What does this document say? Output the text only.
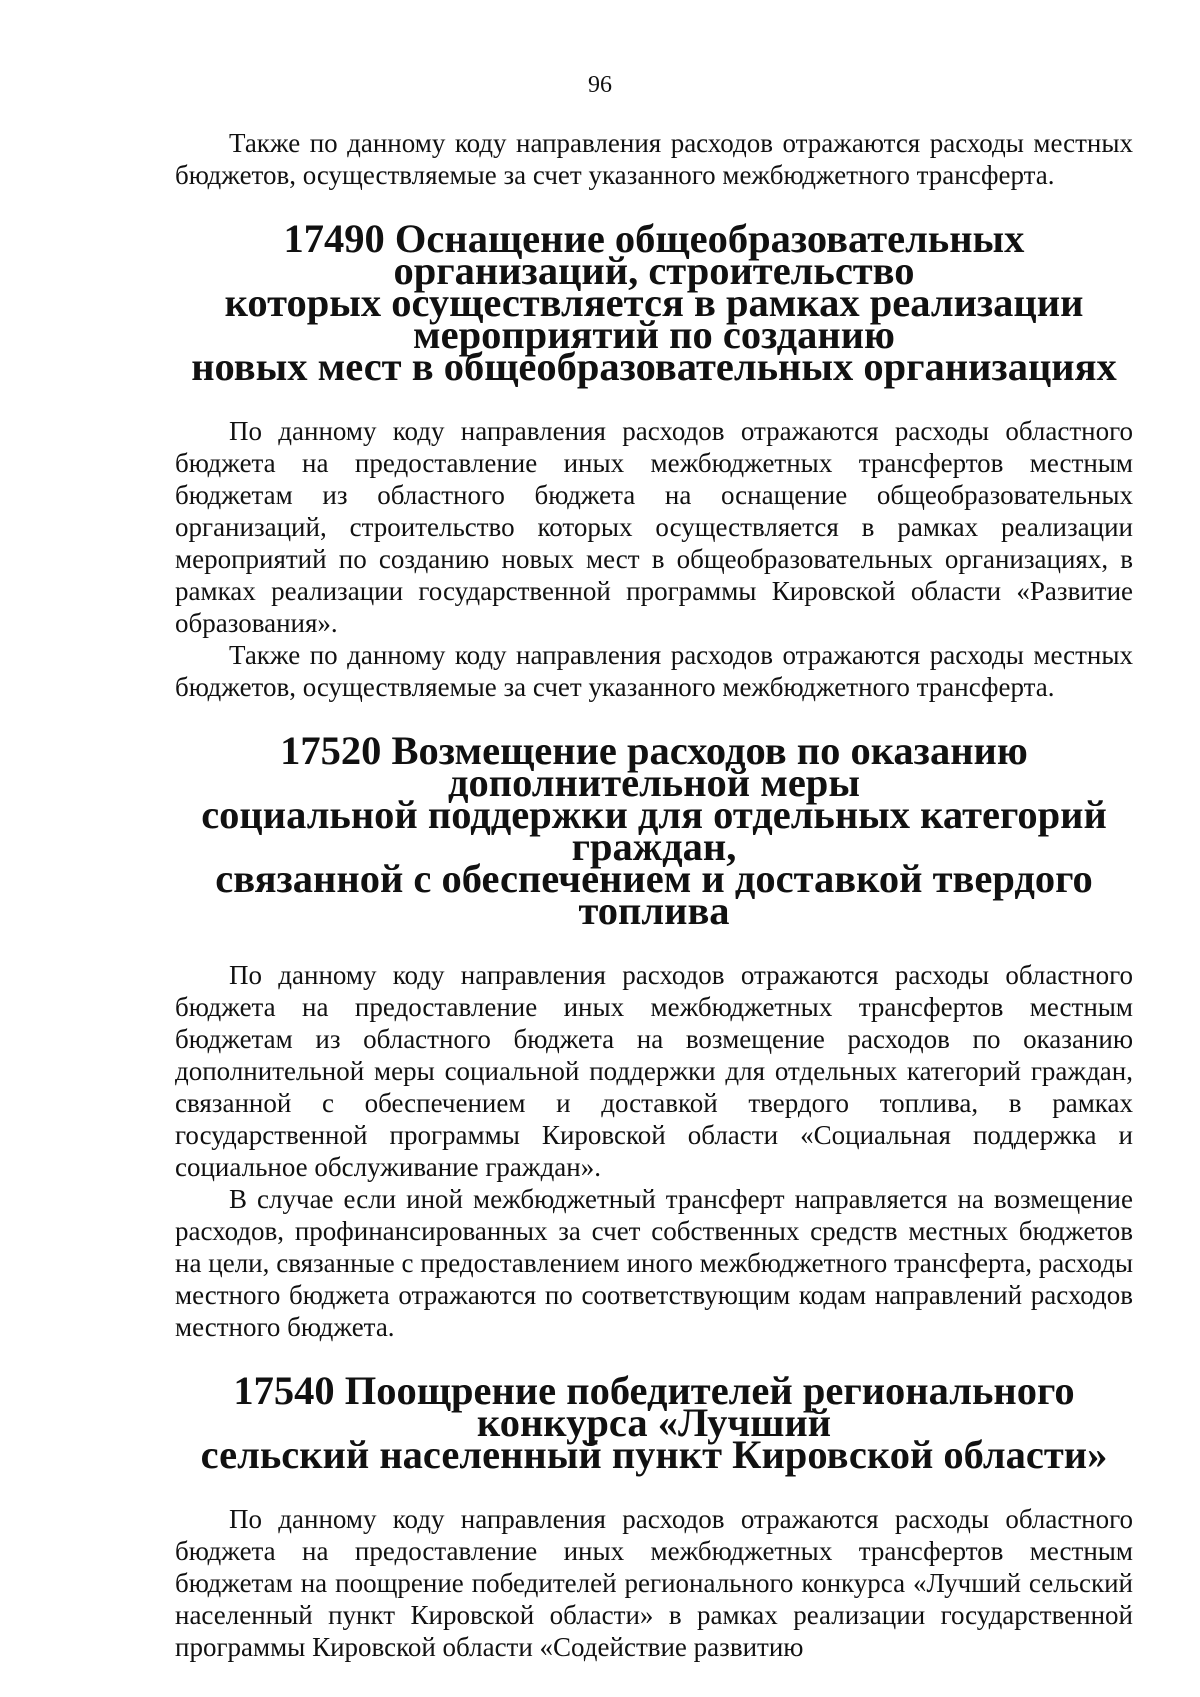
96

Также по данному коду направления расходов отражаются расходы местных бюджетов, осуществляемые за счет указанного межбюджетного трансферта.

17490 Оснащение общеобразовательных организаций, строительство
которых осуществляется в рамках реализации мероприятий по созданию
новых мест в общеобразовательных организациях

По данному коду направления расходов отражаются расходы областного бюджета на предоставление иных межбюджетных трансфертов местным бюджетам из областного бюджета на оснащение общеобразовательных организаций, строительство которых осуществляется в рамках реализации мероприятий по созданию новых мест в общеобразовательных организациях, в рамках реализации государственной программы Кировской области «Развитие образования».

Также по данному коду направления расходов отражаются расходы местных бюджетов, осуществляемые за счет указанного межбюджетного трансферта.

17520 Возмещение расходов по оказанию дополнительной меры
социальной поддержки для отдельных категорий граждан,
связанной с обеспечением и доставкой твердого топлива

По данному коду направления расходов отражаются расходы областного бюджета на предоставление иных межбюджетных трансфертов местным бюджетам из областного бюджета на возмещение расходов по оказанию дополнительной меры социальной поддержки для отдельных категорий граждан, связанной с обеспечением и доставкой твердого топлива, в рамках государственной программы Кировской области «Социальная поддержка и социальное обслуживание граждан».

В случае если иной межбюджетный трансферт направляется на возмещение расходов, профинансированных за счет собственных средств местных бюджетов на цели, связанные с предоставлением иного межбюджетного трансферта, расходы местного бюджета отражаются по соответствующим кодам направлений расходов местного бюджета.

17540 Поощрение победителей регионального конкурса «Лучший
сельский населенный пункт Кировской области»

По данному коду направления расходов отражаются расходы областного бюджета на предоставление иных межбюджетных трансфертов местным бюджетам на поощрение победителей регионального конкурса «Лучший сельский населенный пункт Кировской области» в рамках реализации государственной программы Кировской области «Содействие развитию
